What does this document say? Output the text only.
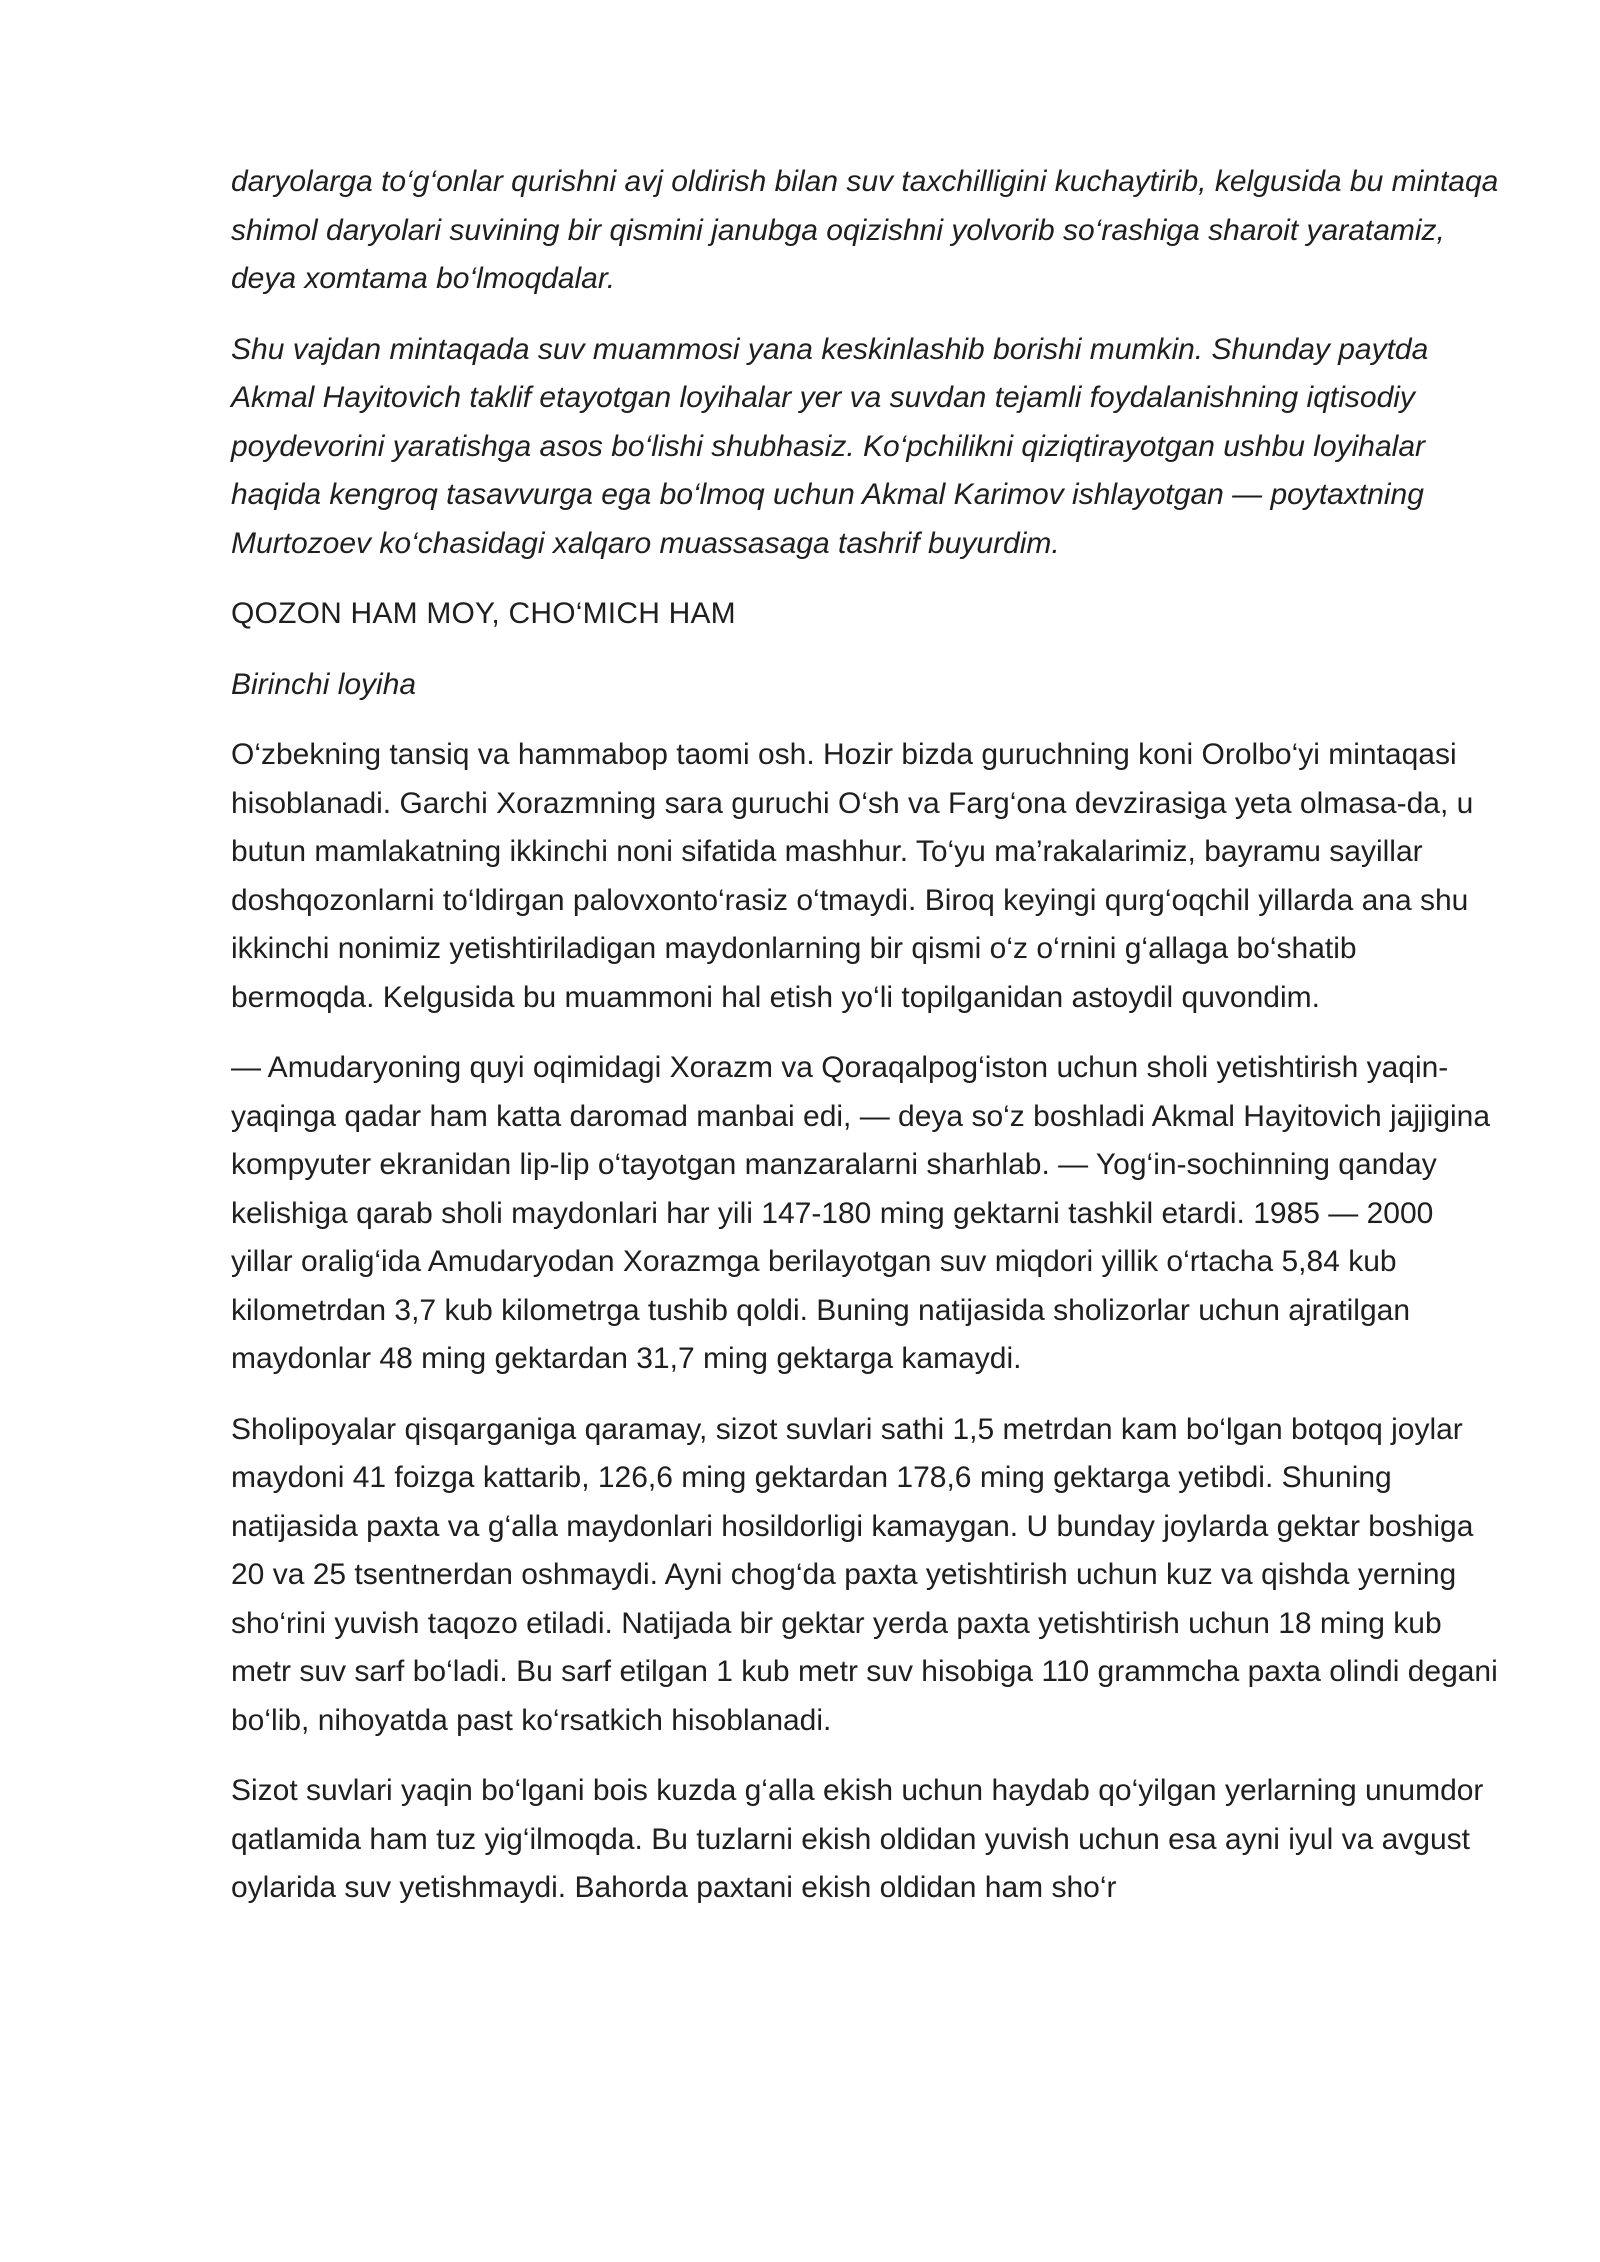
daryolarga to‘g‘onlar qurishni avj oldirish bilan suv taxchilligini kuchaytirib, kelgusida bu mintaqa shimol daryolari suvining bir qismini janubga oqizishni yolvorib so‘rashiga sharoit yaratamiz, deya xomtama bo‘lmoqdalar.

Shu vajdan mintaqada suv muammosi yana keskinlashib borishi mumkin. Shunday paytda Akmal Hayitovich taklif etayotgan loyihalar yer va suvdan tejamli foydalanishning iqtisodiy poydevorini yaratishga asos bo‘lishi shubhasiz. Ko‘pchilikni qiziqtirayotgan ushbu loyihalar haqida kengroq tasavvurga ega bo‘lmoq uchun Akmal Karimov ishlayotgan — poytaxtning Murtozoev ko‘chasidagi xalqaro muassasaga tashrif buyurdim.

QOZON HAM MOY, CHO‘MICH HAM

Birinchi loyiha

O‘zbekning tansiq va hammabop taomi osh. Hozir bizda guruchning koni Orolbo‘yi mintaqasi hisoblanadi. Garchi Xorazmning sara guruchi O‘sh va Farg‘ona devzirasiga yeta olmasa-da, u butun mamlakatning ikkinchi noni sifatida mashhur. To‘yu ma’rakalarimiz, bayramu sayillar doshqozonlarni to‘ldirgan palovxonto‘rasiz o‘tmaydi. Biroq keyingi qurg‘oqchil yillarda ana shu ikkinchi nonimiz yetishtiriladigan maydonlarning bir qismi o‘z o‘rnini g‘allaga bo‘shatib bermoqda. Kelgusida bu muammoni hal etish yo‘li topilganidan astoydil quvondim.

— Amudaryoning quyi oqimidagi Xorazm va Qoraqalpog‘iston uchun sholi yetishtirish yaqin-yaqinga qadar ham katta daromad manbai edi, — deya so‘z boshladi Akmal Hayitovich jajjigina kompyuter ekranidan lip-lip o‘tayotgan manzaralarni sharhlab. — Yog‘in-sochinning qanday kelishiga qarab sholi maydonlari har yili 147-180 ming gektarni tashkil etardi. 1985 — 2000 yillar oralig‘ida Amudaryodan Xorazmga berilayotgan suv miqdori yillik o‘rtacha 5,84 kub kilometrdan 3,7 kub kilometrga tushib qoldi. Buning natijasida sholizorlar uchun ajratilgan maydonlar 48 ming gektardan 31,7 ming gektarga kamaydi.

Sholipoyalar qisqarganiga qaramay, sizot suvlari sathi 1,5 metrdan kam bo‘lgan botqoq joylar maydoni 41 foizga kattarib, 126,6 ming gektardan 178,6 ming gektarga yetibdi. Shuning natijasida paxta va g‘alla maydonlari hosildorligi kamaygan. U bunday joylarda gektar boshiga 20 va 25 tsentnerdan oshmaydi. Ayni chog‘da paxta yetishtirish uchun kuz va qishda yerning sho‘rini yuvish taqozo etiladi. Natijada bir gektar yerda paxta yetishtirish uchun 18 ming kub metr suv sarf bo‘ladi. Bu sarf etilgan 1 kub metr suv hisobiga 110 grammcha paxta olindi degani bo‘lib, nihoyatda past ko‘rsatkich hisoblanadi.

Sizot suvlari yaqin bo‘lgani bois kuzda g‘alla ekish uchun haydab qo‘yilgan yerlarning unumdor qatlamida ham tuz yig‘ilmoqda. Bu tuzlarni ekish oldidan yuvish uchun esa ayni iyul va avgust oylarida suv yetishmaydi. Bahorda paxtani ekish oldidan ham sho‘r
